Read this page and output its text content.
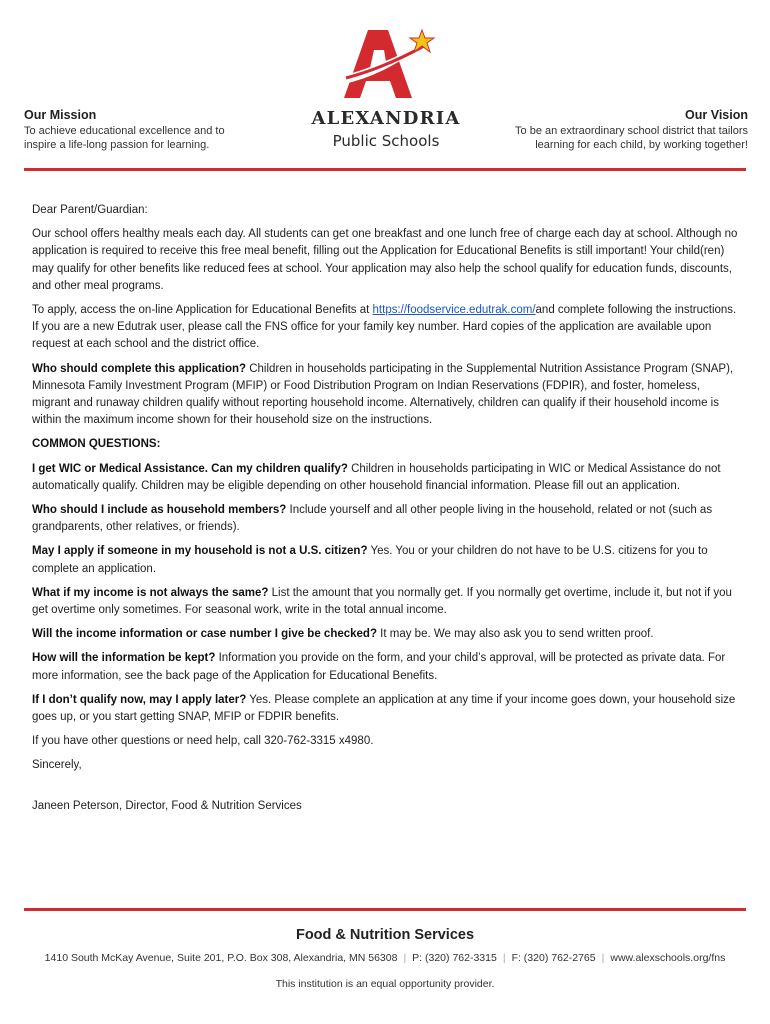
Our Mission
To achieve educational excellence and to inspire a life-long passion for learning.
ALEXANDRIA
Public Schools
Our Vision
To be an extraordinary school district that tailors learning for each child, by working together!

Dear Parent/Guardian:

Our school offers healthy meals each day. All students can get one breakfast and one lunch free of charge each day at school. Although no application is required to receive this free meal benefit, filling out the Application for Educational Benefits is still important! Your child(ren) may qualify for other benefits like reduced fees at school. Your application may also help the school qualify for education funds, discounts, and other meal programs.

To apply, access the on-line Application for Educational Benefits at https://foodservice.edutrak.com/and complete following the instructions. If you are a new Edutrak user, please call the FNS office for your family key number. Hard copies of the application are available upon request at each school and the district office.

Who should complete this application? Children in households participating in the Supplemental Nutrition Assistance Program (SNAP), Minnesota Family Investment Program (MFIP) or Food Distribution Program on Indian Reservations (FDPIR), and foster, homeless, migrant and runaway children qualify without reporting household income. Alternatively, children can qualify if their household income is within the maximum income shown for their household size on the instructions.

COMMON QUESTIONS:

I get WIC or Medical Assistance. Can my children qualify? Children in households participating in WIC or Medical Assistance do not automatically qualify. Children may be eligible depending on other household financial information. Please fill out an application.

Who should I include as household members? Include yourself and all other people living in the household, related or not (such as grandparents, other relatives, or friends).

May I apply if someone in my household is not a U.S. citizen? Yes. You or your children do not have to be U.S. citizens for you to complete an application.

What if my income is not always the same? List the amount that you normally get. If you normally get overtime, include it, but not if you get overtime only sometimes. For seasonal work, write in the total annual income.

Will the income information or case number I give be checked? It may be. We may also ask you to send written proof.

How will the information be kept? Information you provide on the form, and your child’s approval, will be protected as private data. For more information, see the back page of the Application for Educational Benefits.

If I don’t qualify now, may I apply later? Yes. Please complete an application at any time if your income goes down, your household size goes up, or you start getting SNAP, MFIP or FDPIR benefits.

If you have other questions or need help, call 320-762-3315 x4980.

Sincerely,

Janeen Peterson, Director, Food & Nutrition Services

Food & Nutrition Services
1410 South McKay Avenue, Suite 201, P.O. Box 308, Alexandria, MN 56308 | P: (320) 762-3315 | F: (320) 762-2765 | www.alexschools.org/fns
This institution is an equal opportunity provider.
